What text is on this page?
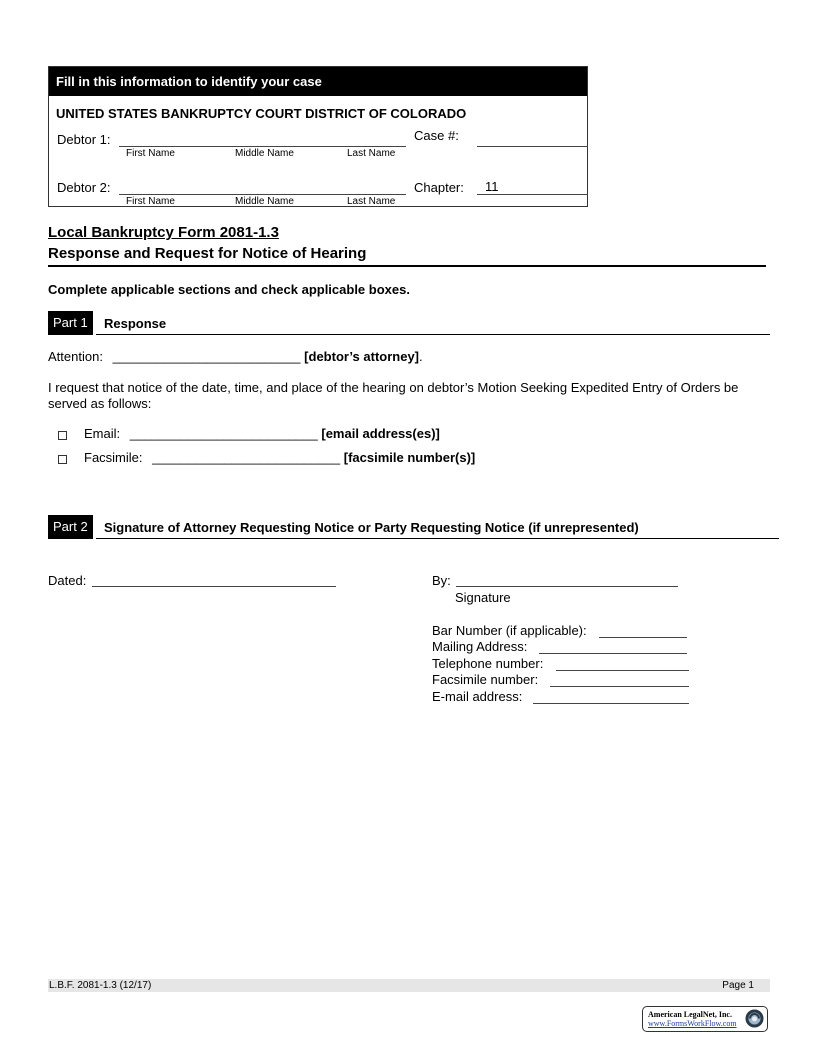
Fill in this information to identify your case
UNITED STATES BANKRUPTCY COURT DISTRICT OF COLORADO
Debtor 1:
First Name	Middle Name	Last Name
Case #:
Debtor 2:
First Name	Middle Name	Last Name
Chapter: 11
Local Bankruptcy Form 2081-1.3
Response and Request for Notice of Hearing
Complete applicable sections and check applicable boxes.
Part 1	Response
Attention: __________________________ [debtor’s attorney].
I request that notice of the date, time, and place of the hearing on debtor’s Motion Seeking Expedited Entry of Orders be served as follows:
Email: __________________________ [email address(es)]
Facsimile: __________________________ [facsimile number(s)]
Part 2	Signature of Attorney Requesting Notice or Party Requesting Notice (if unrepresented)
Dated:	By:
Signature
Bar Number (if applicable):
Mailing Address:
Telephone number:
Facsimile number:
E-mail address:
L.B.F. 2081-1.3 (12/17)	Page 1
American LegalNet, Inc.
www.FormsWorkFlow.com
